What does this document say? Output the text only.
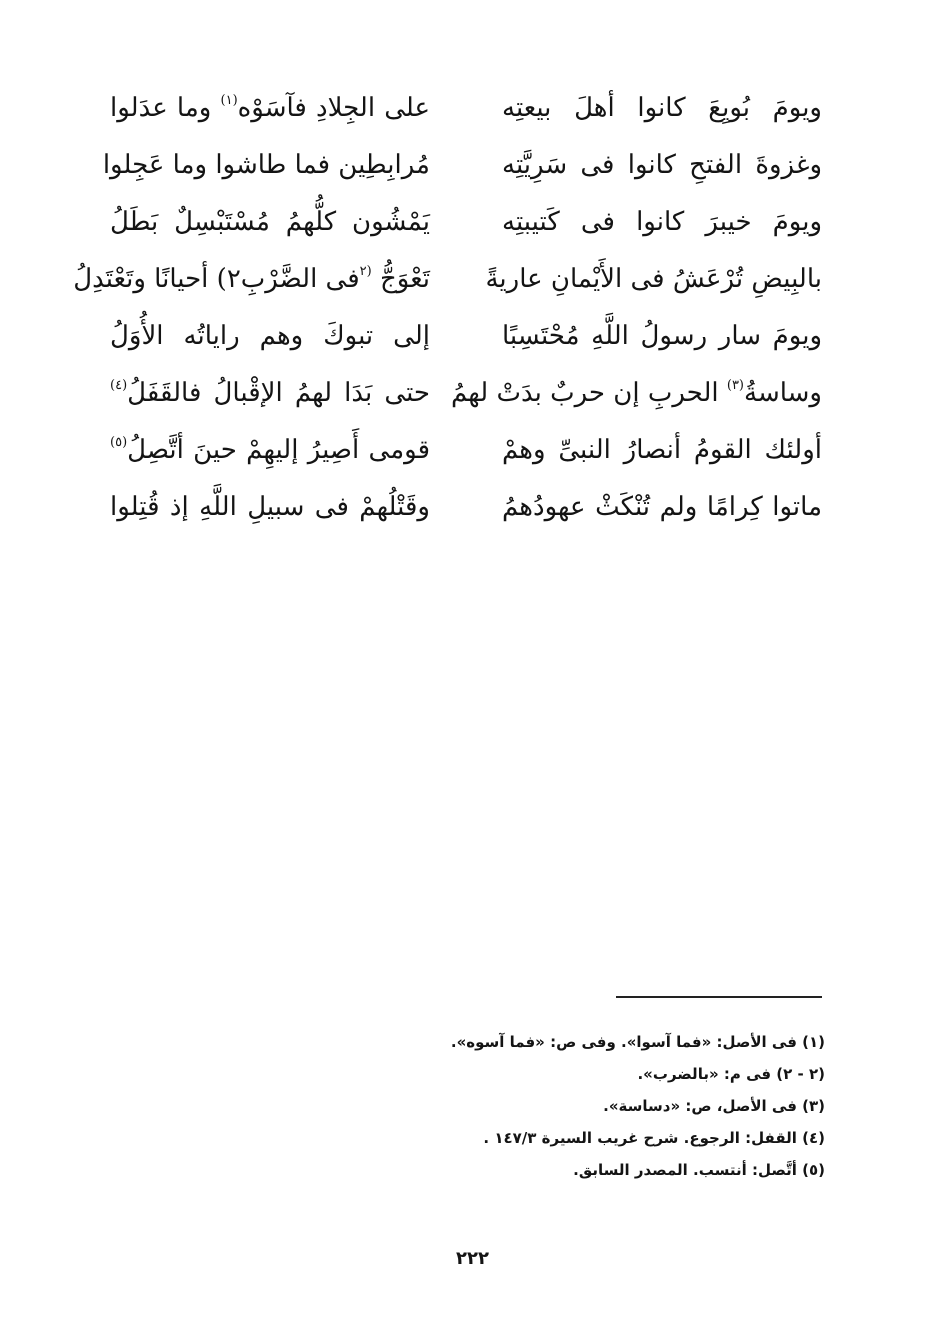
ويومَ بُويِعَ كانوا أهلَ بيعتِه
على الجِلادِ فآسَوْه$^{(١)}$ وما عدَلوا
وغزوةَ الفتحِ كانوا فى سَرِيَّتِه
مُرابِطِين فما طاشوا وما عَجِلوا
ويومَ خيبرَ كانوا فى كَتيبتِه
يَمْشُون كلُّهمُ مُسْتَبْسِلٌ بَطَلُ
بالبِيضِ تُرْعَشُ فى الأَيْمانِ عاريةً
تَعْوَجُّ $^{(٢}$فى الضَّرْبِ٢) أحيانًا وتَعْتَدِلُ
ويومَ سار رسولُ اللَّهِ مُحْتَسِبًا
إلى تبوكَ وهم راياتُه الأُوَلُ
وساسةُ$^{(٣)}$ الحربِ إن حربٌ بدَتْ لهمُ
حتى بَدَا لهمُ الإقْبالُ فالقَفَلُ$^{(٤)}$
أولئك القومُ أنصارُ النبىِّ وهمْ
قومى أَصِيرُ إليهِمْ حينَ أتَّصِلُ$^{(٥)}$
ماتوا كِرامًا ولم تُنْكَثْ عهودُهمُ
وقَتْلُهمْ فى سبيلِ اللَّهِ إذ قُتِلوا
(١) فى الأصل: «فما آسوا». وفى ص: «فما آسوه».
(٢ - ٢) فى م: «بالضرب».
(٣) فى الأصل، ص: «دساسة».
(٤) القفل: الرجوع. شرح غريب السيرة ١٤٧/٣ .
(٥) أتَّصل: أنتسب. المصدر السابق.
٢٢٢
